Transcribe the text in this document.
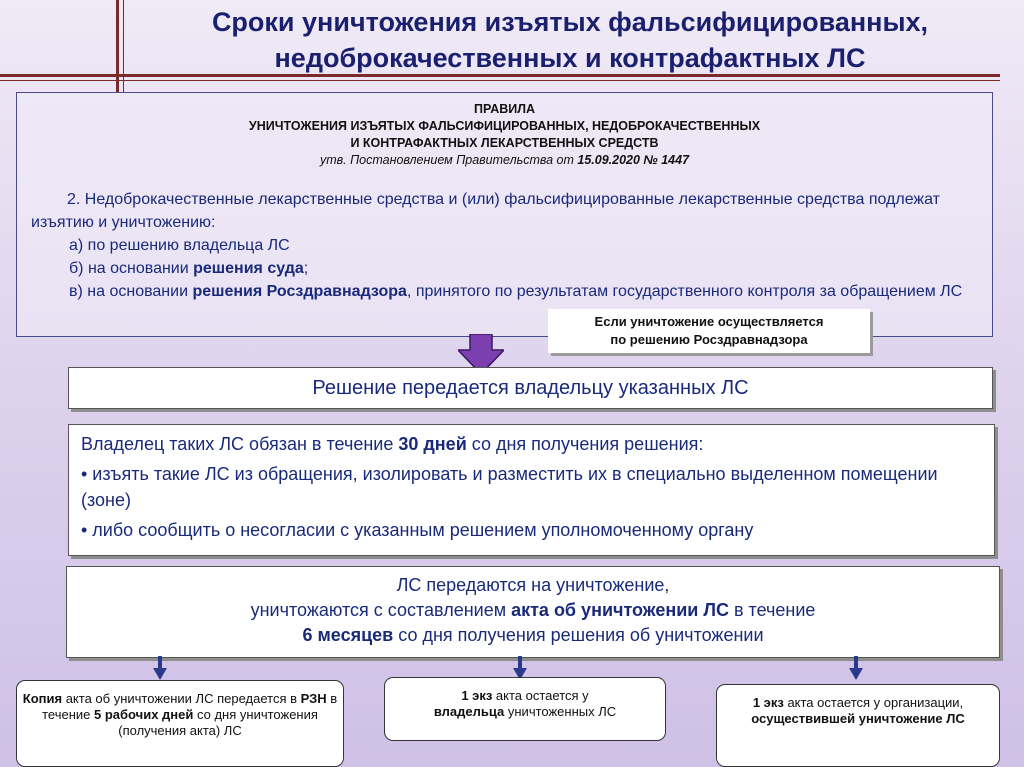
Сроки уничтожения изъятых фальсифицированных,
недоброкачественных и контрафактных ЛС
ПРАВИЛА
УНИЧТОЖЕНИЯ ИЗЪЯТЫХ ФАЛЬСИФИЦИРОВАННЫХ, НЕДОБРОКАЧЕСТВЕННЫХ
И КОНТРАФАКТНЫХ ЛЕКАРСТВЕННЫХ СРЕДСТВ
утв. Постановлением Правительства от 15.09.2020 № 1447

2. Недоброкачественные лекарственные средства и (или) фальсифицированные лекарственные средства подлежат изъятию и уничтожению:

а) по решению владельца ЛС

б) на основании решения суда;

в) на основании решения Росздравнадзора, принятого по результатам государственного контроля за обращением ЛС

Если уничтожение осуществляется
по решению Росздравнадзора
Решение передается владельцу указанных ЛС

Владелец таких ЛС обязан в течение 30 дней со дня получения решения:

• изъять такие ЛС из обращения, изолировать и разместить их в специально выделенном помещении (зоне)

• либо сообщить о несогласии с указанным решением уполномоченному органу

ЛС передаются на уничтожение,
уничтожаются с составлением акта об уничтожении ЛС в течение
6 месяцев со дня получения решения об уничтожении
Копия акта об уничтожении ЛС передается в РЗН в течение 5 рабочих дней со дня уничтожения (получения акта) ЛС
1 экз акта остается у
владельца уничтоженных ЛС
1 экз акта остается у организации, осуществившей уничтожение ЛС
